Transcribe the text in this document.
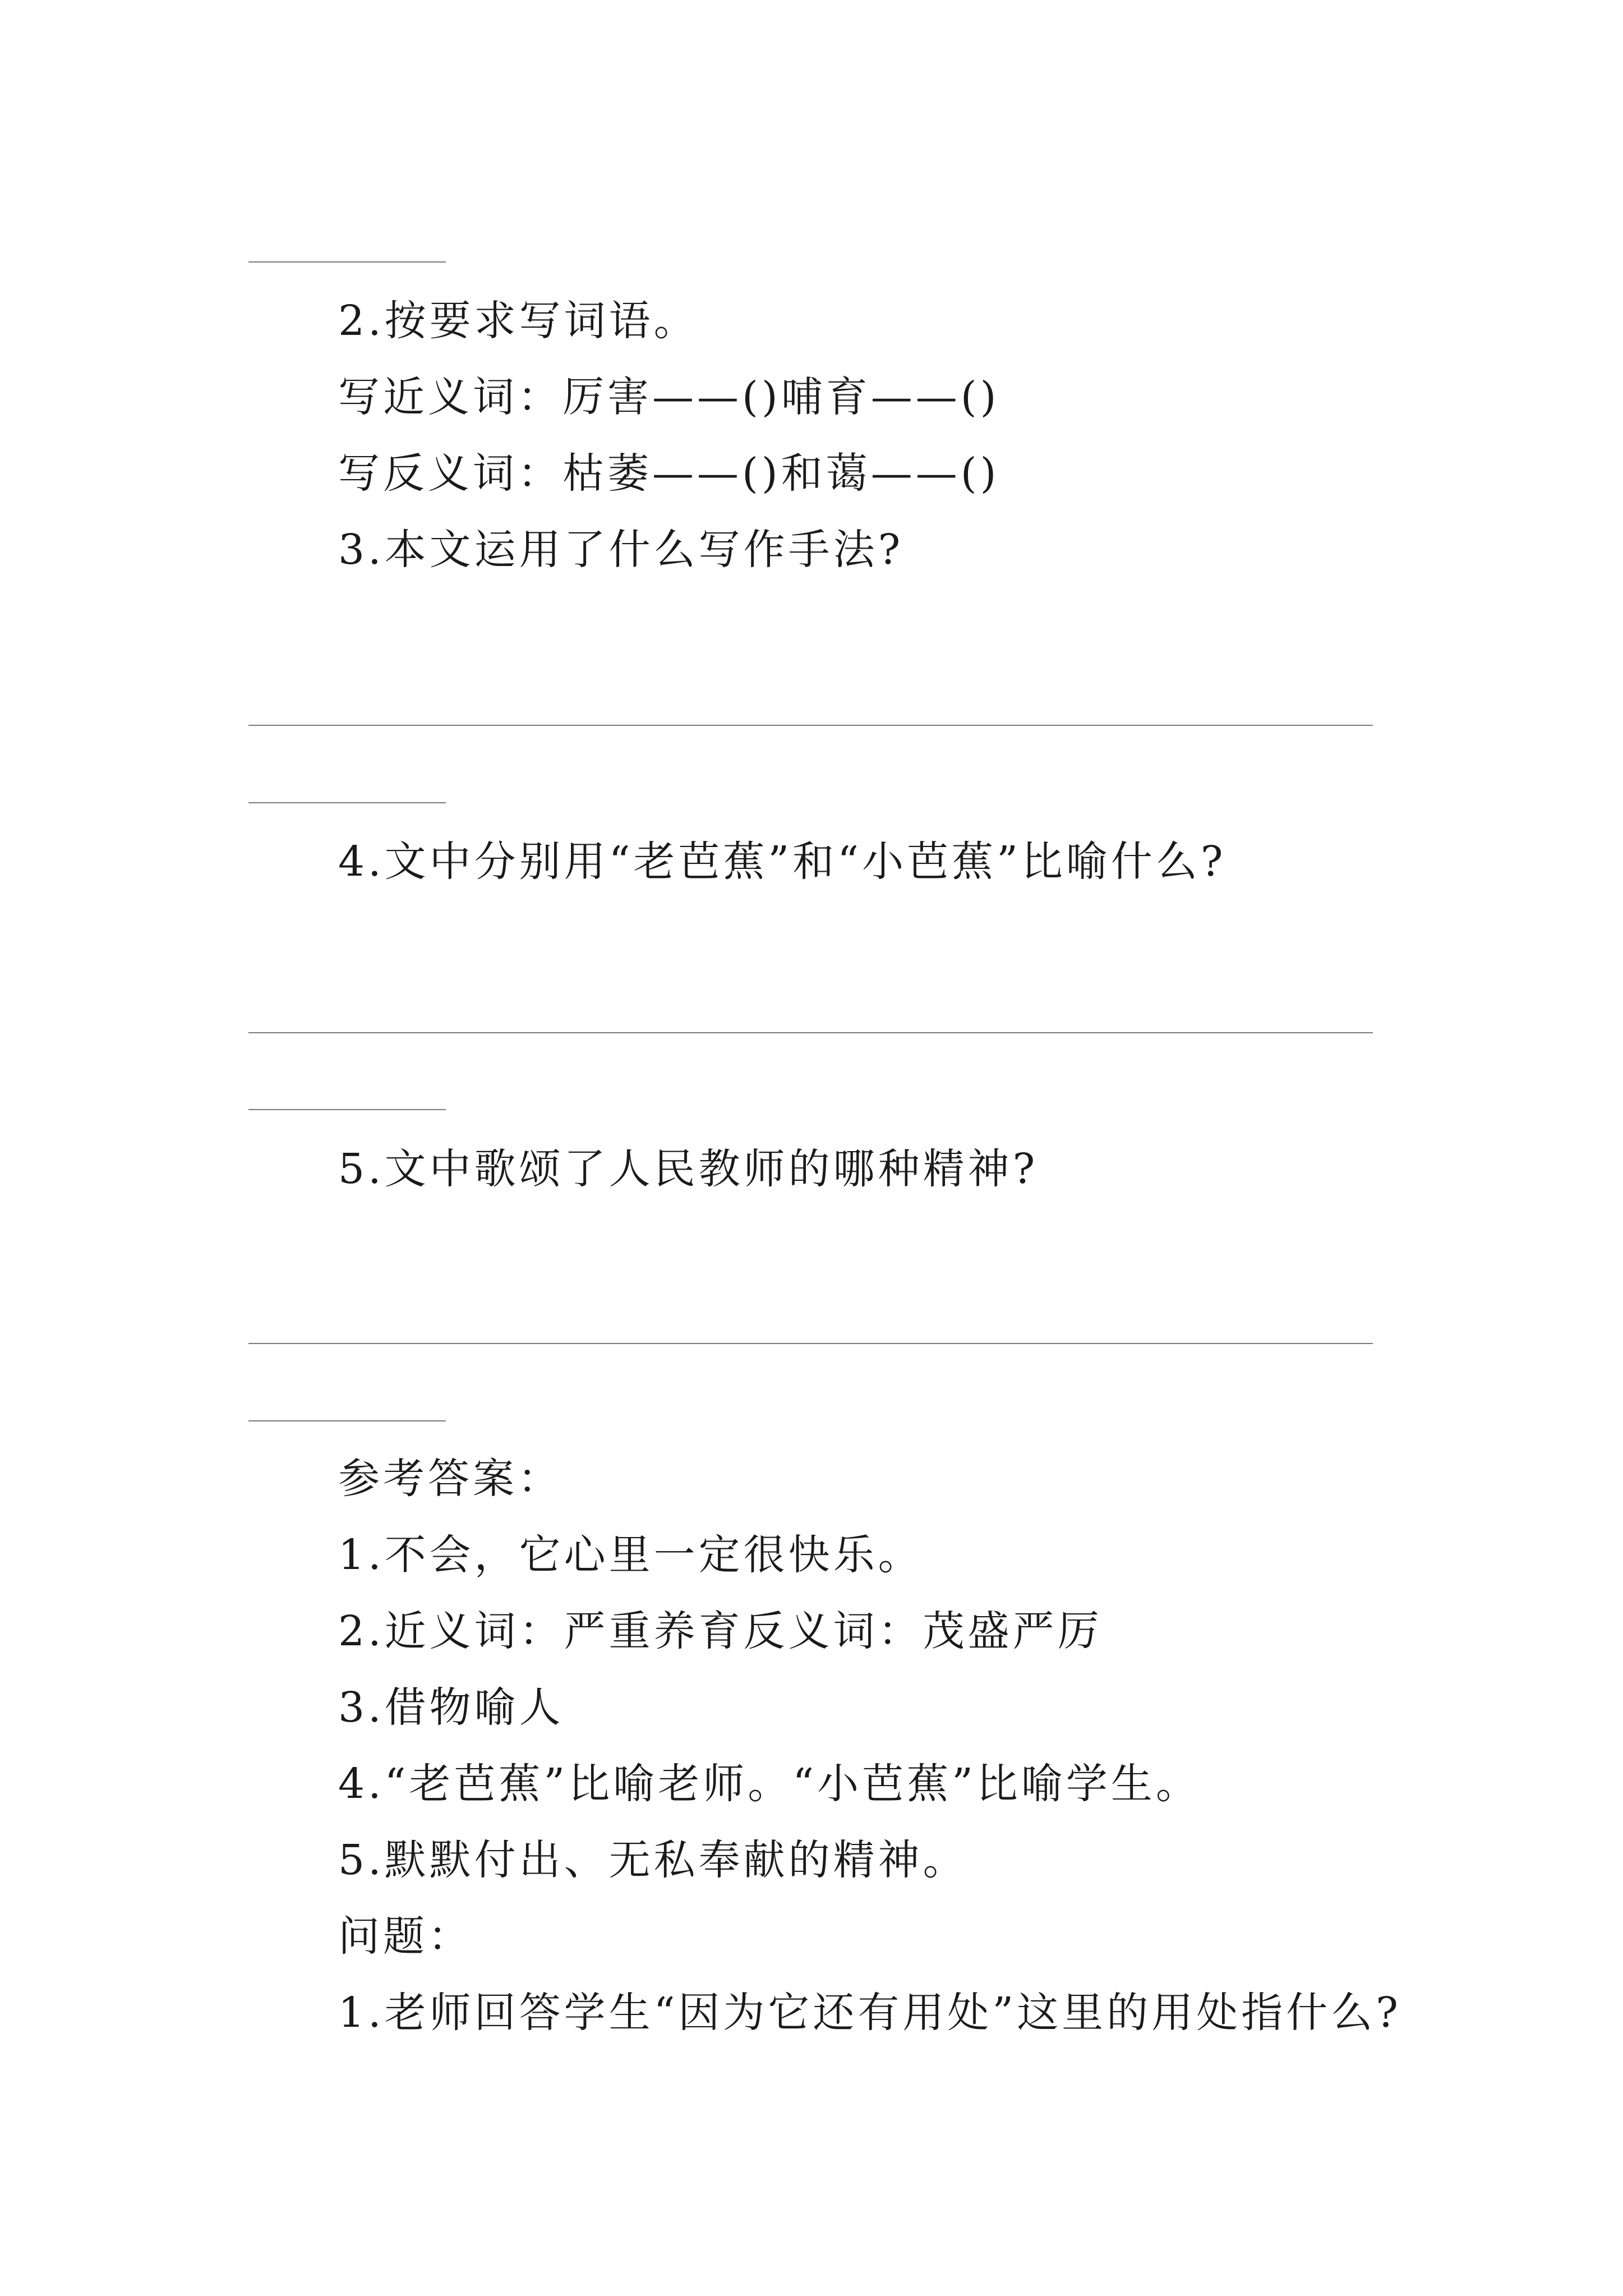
2.按要求写词语。
写近义词：厉害——()哺育——()
写反义词：枯萎——()和蔼——()
3.本文运用了什么写作手法?
4.文中分别用“老芭蕉”和“小芭蕉”比喻什么?
5.文中歌颂了人民教师的哪种精神?
参考答案：
1.不会，它心里一定很快乐。
2.近义词：严重养育反义词：茂盛严厉
3.借物喻人
4.“老芭蕉”比喻老师。“小芭蕉”比喻学生。
5.默默付出、无私奉献的精神。
问题：
1.老师回答学生“因为它还有用处”这里的用处指什么?
